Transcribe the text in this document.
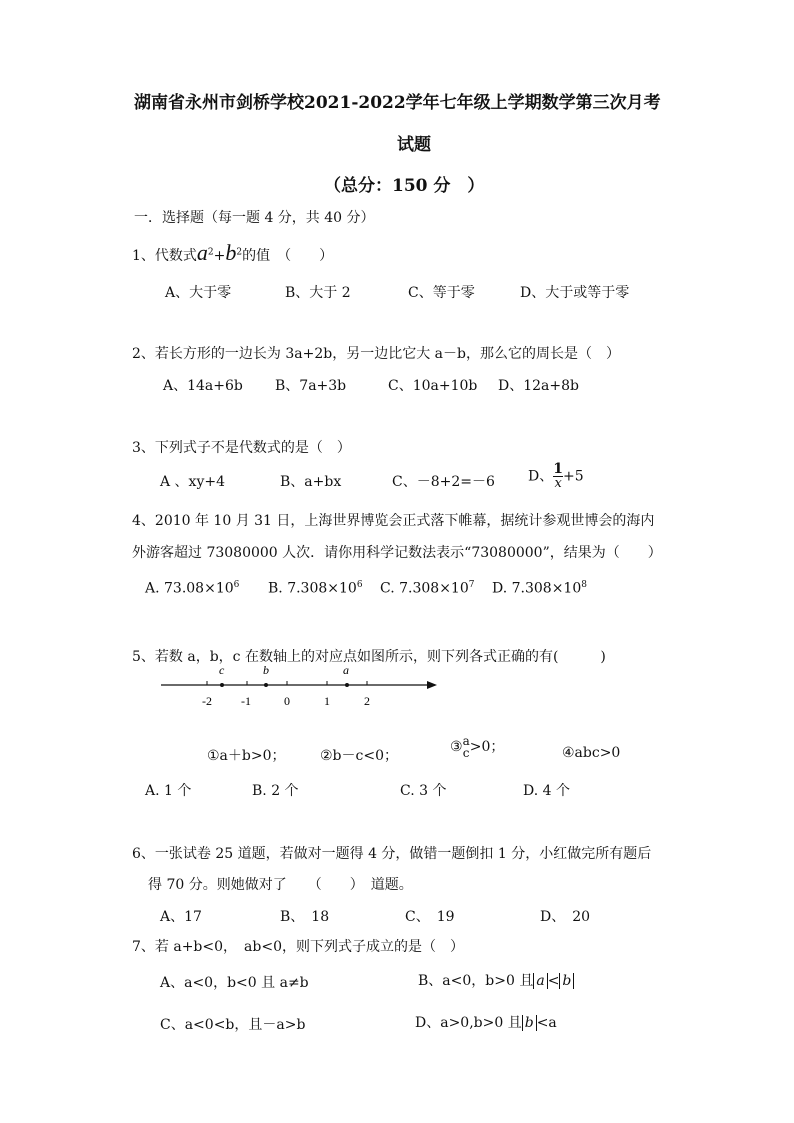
湖南省永州市剑桥学校2021-2022学年七年级上学期数学第三次月考
试题
（总分：150 分　）
一．选择题（每一题 4 分，共 40 分）
1、代数式$a^2+b^2$的值　（　　）
A、大于零	B、大于 2	C、等于零	D、大于或等于零
2、若长方形的一边长为 3a+2b，另一边比它大 a－b，那么它的周长是（　）
A、14a+6b B、7a+3b	C、10a+10b D、12a+8b
3、下列式子不是代数式的是（　）
A 、xy+4	B、a+bx	C、－8+2=－6 D、 $\frac{1}{x} +5$
4、2010 年 10 月 31 日，上海世界博览会正式落下帷幕，据统计参观世博会的海内
外游客超过 73080000 人次．请你用科学记数法表示“73080000”，结果为（　　）
A. $73.08\times 10^6$ B. $7.308\times 10^6$ C. $7.308\times 10^7$ D. $7.308\times 10^8$
5、若数 a，b，c 在数轴上的对应点如图所示，则下列各式正确的有(　　　)
-2 -1	0	1	2
c	b	a
①a＋b>0； ②b－c<0；
③ a
c >0；	④abc>0
A. 1 个	B. 2 个	C. 3 个	D. 4 个
6、一张试卷 25 道题，若做对一题得 4 分，做错一题倒扣 1 分，小红做完所有题后
得 70 分。则她做对了　　（　　）　道题。
A、17	B、　18	C、　19	D、　20
7、若 a+b<0，　ab<0，则下列式子成立的是（　）
A、a<0，b<0 且 a≠b	B、a<0，b>0 且 a < b
C、a<0<b，且－a>b	D、a>0,b>0 且 b <a
